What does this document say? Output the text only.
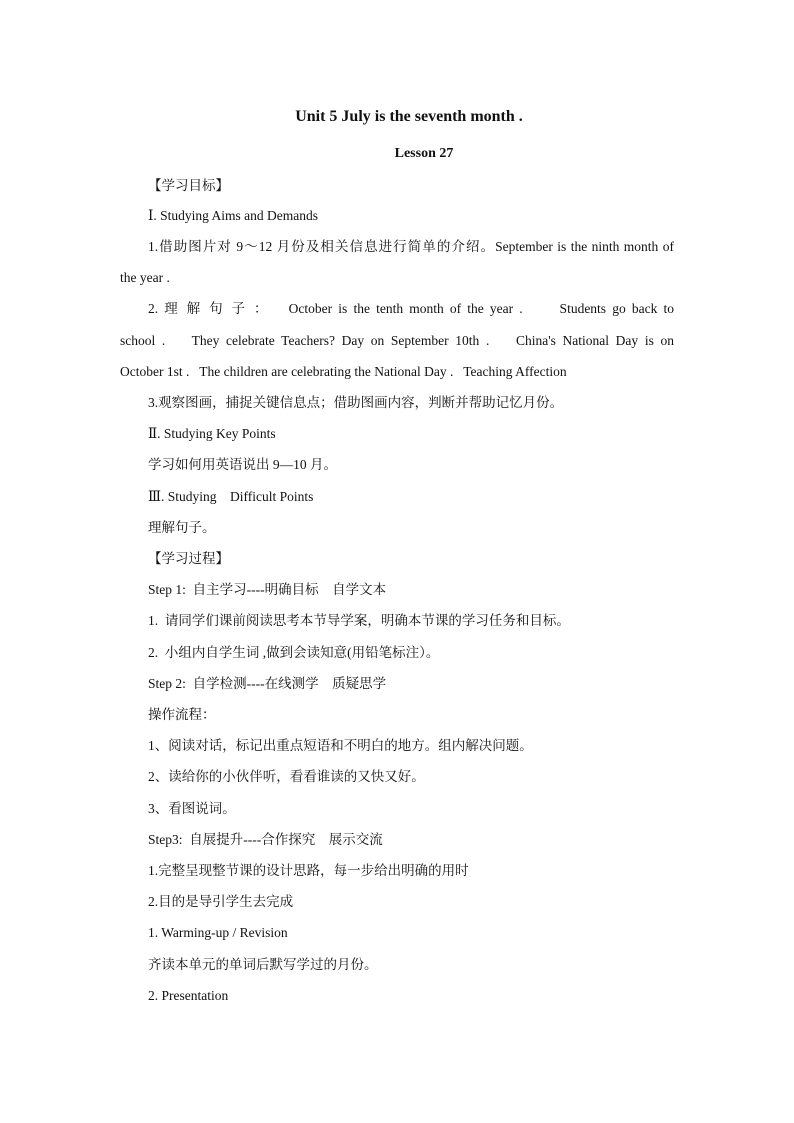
Unit 5 July is the seventh month .
Lesson 27
【学习目标】
Ⅰ. Studying Aims and Demands
1.借助图片对 9～12 月份及相关信息进行简单的介绍。September is the ninth month of
the year .
2. 理 解 句 子 ：   October is the tenth month of the year .      Students go back to
school .    They celebrate Teachers? Day on September 10th .    China's National Day is on
October 1st .   The children are celebrating the National Day .   Teaching Affection
3.观察图画，捕捉关键信息点；借助图画内容，判断并帮助记忆月份。
Ⅱ. Studying Key Points
学习如何用英语说出 9—10 月。
Ⅲ. Studying    Difficult Points
理解句子。
【学习过程】
Step 1:  自主学习----明确目标    自学文本
1.  请同学们课前阅读思考本节导学案，明确本节课的学习任务和目标。
2.  小组内自学生词 ,做到会读知意(用铅笔标注）。
Step 2:  自学检测----在线测学    质疑思学
操作流程：
1、阅读对话，标记出重点短语和不明白的地方。组内解决问题。
2、读给你的小伙伴听，看看谁读的又快又好。
3、看图说词。
Step3:  自展提升----合作探究    展示交流
1.完整呈现整节课的设计思路，每一步给出明确的用时
2.目的是导引学生去完成
1. Warming-up / Revision
齐读本单元的单词后默写学过的月份。
2. Presentation
